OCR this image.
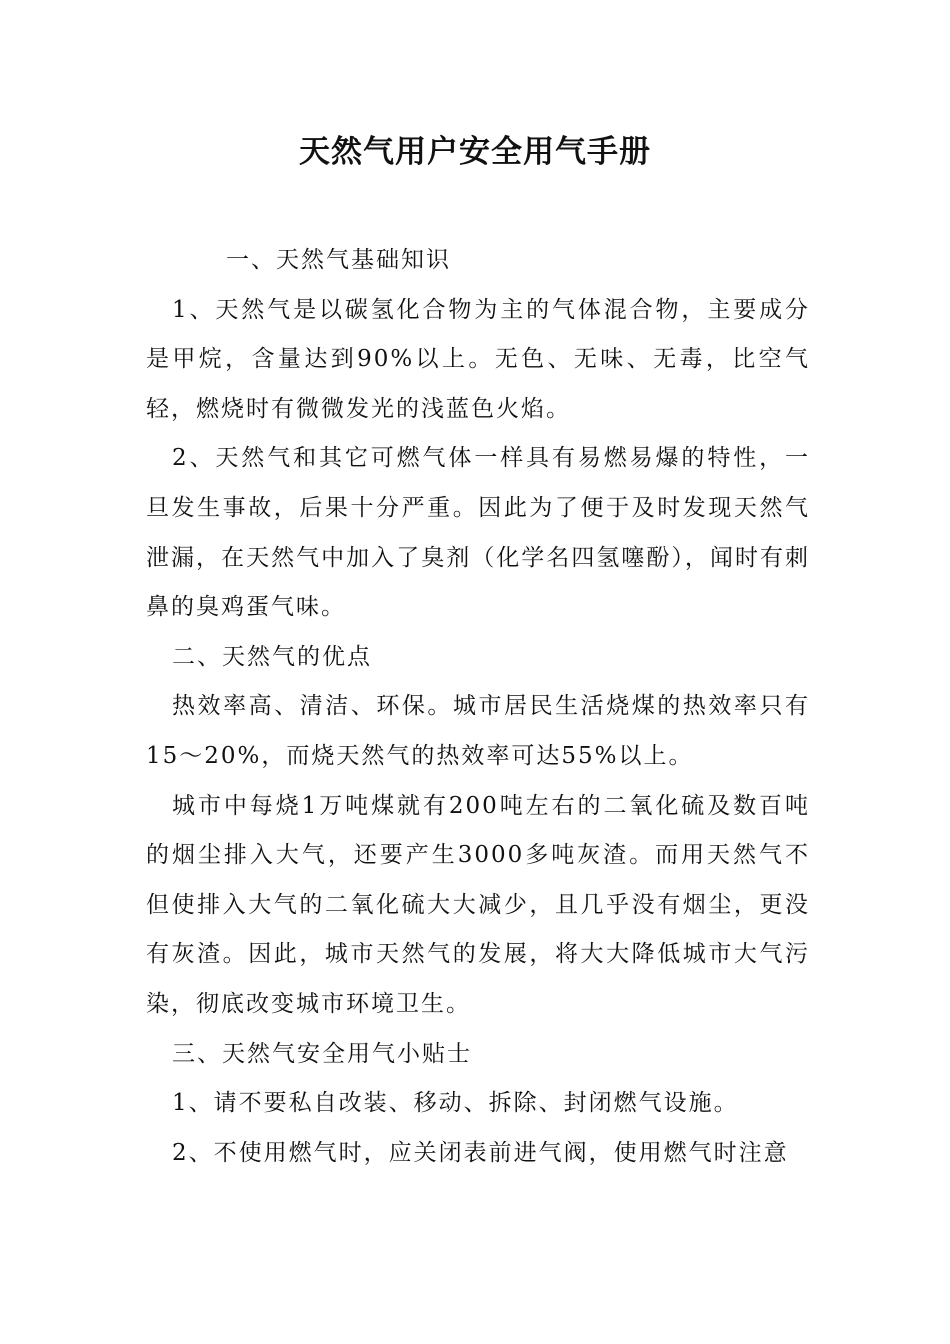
天然气用户安全用气手册

一、天然气基础知识

1、天然气是以碳氢化合物为主的气体混合物，主要成分是甲烷，含量达到90%以上。无色、无味、无毒，比空气轻，燃烧时有微微发光的浅蓝色火焰。

2、天然气和其它可燃气体一样具有易燃易爆的特性，一旦发生事故，后果十分严重。因此为了便于及时发现天然气泄漏，在天然气中加入了臭剂（化学名四氢噻酚），闻时有刺鼻的臭鸡蛋气味。

二、天然气的优点

热效率高、清洁、环保。城市居民生活烧煤的热效率只有15～20%，而烧天然气的热效率可达55%以上。

城市中每烧1万吨煤就有200吨左右的二氧化硫及数百吨的烟尘排入大气，还要产生3000多吨灰渣。而用天然气不但使排入大气的二氧化硫大大减少，且几乎没有烟尘，更没有灰渣。因此，城市天然气的发展，将大大降低城市大气污染，彻底改变城市环境卫生。

三、天然气安全用气小贴士

1、请不要私自改装、移动、拆除、封闭燃气设施。

2、不使用燃气时，应关闭表前进气阀，使用燃气时注意
